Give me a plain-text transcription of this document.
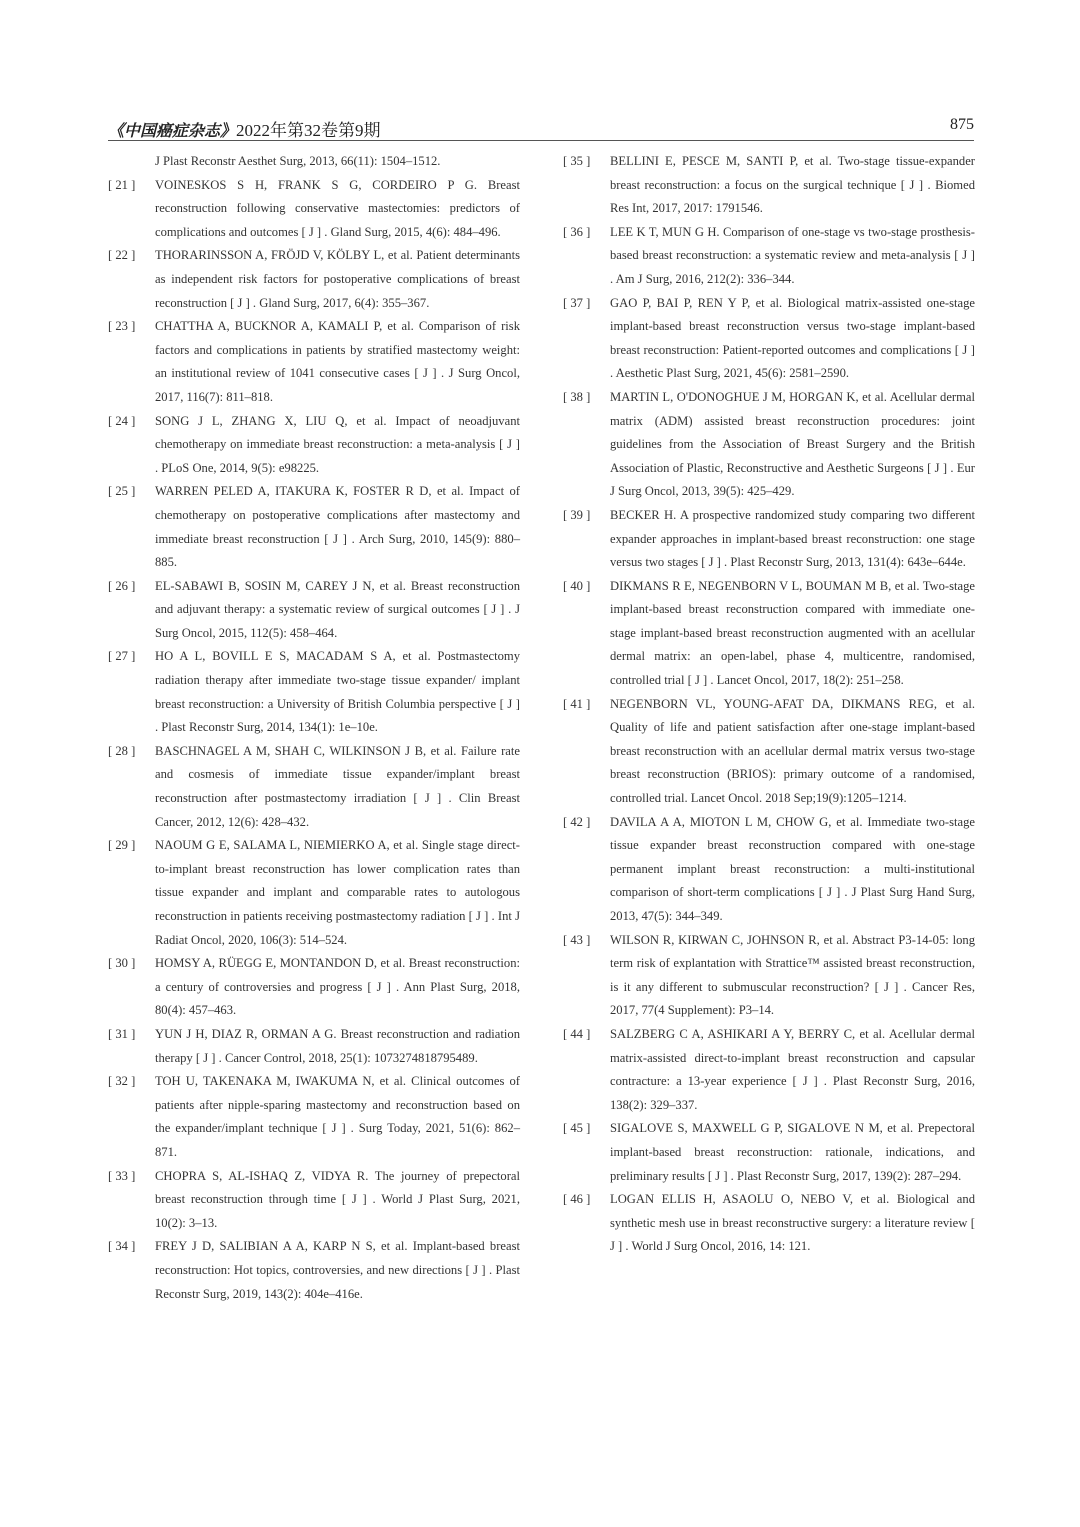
《中国癌症杂志》2022年第32卷第9期	875
J Plast Reconstr Aesthet Surg, 2013, 66(11): 1504–1512.
[ 21 ]	VOINESKOS S H, FRANK S G, CORDEIRO P G. Breast reconstruction following conservative mastectomies: predictors of complications and outcomes [ J ] . Gland Surg, 2015, 4(6): 484–496.
[ 22 ]	THORARINSSON A, FRÖJD V, KÖLBY L, et al. Patient determinants as independent risk factors for postoperative complications of breast reconstruction [ J ] . Gland Surg, 2017, 6(4): 355–367.
[ 23 ]	CHATTHA A, BUCKNOR A, KAMALI P, et al. Comparison of risk factors and complications in patients by stratified mastectomy weight: an institutional review of 1041 consecutive cases [ J ] . J Surg Oncol, 2017, 116(7): 811–818.
[ 24 ]	SONG J L, ZHANG X, LIU Q, et al. Impact of neoadjuvant chemotherapy on immediate breast reconstruction: a meta-analysis [ J ] . PLoS One, 2014, 9(5): e98225.
[ 25 ]	WARREN PELED A, ITAKURA K, FOSTER R D, et al. Impact of chemotherapy on postoperative complications after mastectomy and immediate breast reconstruction [ J ] . Arch Surg, 2010, 145(9): 880–885.
[ 26 ]	EL-SABAWI B, SOSIN M, CAREY J N, et al. Breast reconstruction and adjuvant therapy: a systematic review of surgical outcomes [ J ] . J Surg Oncol, 2015, 112(5): 458–464.
[ 27 ]	HO A L, BOVILL E S, MACADAM S A, et al. Postmastectomy radiation therapy after immediate two-stage tissue expander/ implant breast reconstruction: a University of British Columbia perspective [ J ] . Plast Reconstr Surg, 2014, 134(1): 1e–10e.
[ 28 ]	BASCHNAGEL A M, SHAH C, WILKINSON J B, et al. Failure rate and cosmesis of immediate tissue expander/implant breast reconstruction after postmastectomy irradiation [ J ] . Clin Breast Cancer, 2012, 12(6): 428–432.
[ 29 ]	NAOUM G E, SALAMA L, NIEMIERKO A, et al. Single stage direct-to-implant breast reconstruction has lower complication rates than tissue expander and implant and comparable rates to autologous reconstruction in patients receiving postmastectomy radiation [ J ] . Int J Radiat Oncol, 2020, 106(3): 514–524.
[ 30 ]	HOMSY A, RÜEGG E, MONTANDON D, et al. Breast reconstruction: a century of controversies and progress [ J ] . Ann Plast Surg, 2018, 80(4): 457–463.
[ 31 ]	YUN J H, DIAZ R, ORMAN A G. Breast reconstruction and radiation therapy [ J ] . Cancer Control, 2018, 25(1): 1073274818795489.
[ 32 ]	TOH U, TAKENAKA M, IWAKUMA N, et al. Clinical outcomes of patients after nipple-sparing mastectomy and reconstruction based on the expander/implant technique [ J ] . Surg Today, 2021, 51(6): 862–871.
[ 33 ]	CHOPRA S, AL-ISHAQ Z, VIDYA R. The journey of prepectoral breast reconstruction through time [ J ] . World J Plast Surg, 2021, 10(2): 3–13.
[ 34 ]	FREY J D, SALIBIAN A A, KARP N S, et al. Implant-based breast reconstruction: Hot topics, controversies, and new directions [ J ] . Plast Reconstr Surg, 2019, 143(2): 404e–416e.
[ 35 ]	BELLINI E, PESCE M, SANTI P, et al. Two-stage tissue-expander breast reconstruction: a focus on the surgical technique [ J ] . Biomed Res Int, 2017, 2017: 1791546.
[ 36 ]	LEE K T, MUN G H. Comparison of one-stage vs two-stage prosthesis-based breast reconstruction: a systematic review and meta-analysis [ J ] . Am J Surg, 2016, 212(2): 336–344.
[ 37 ]	GAO P, BAI P, REN Y P, et al. Biological matrix-assisted one-stage implant-based breast reconstruction versus two-stage implant-based breast reconstruction: Patient-reported outcomes and complications [ J ] . Aesthetic Plast Surg, 2021, 45(6): 2581–2590.
[ 38 ]	MARTIN L, O'DONOGHUE J M, HORGAN K, et al. Acellular dermal matrix (ADM) assisted breast reconstruction procedures: joint guidelines from the Association of Breast Surgery and the British Association of Plastic, Reconstructive and Aesthetic Surgeons [ J ] . Eur J Surg Oncol, 2013, 39(5): 425–429.
[ 39 ]	BECKER H. A prospective randomized study comparing two different expander approaches in implant-based breast reconstruction: one stage versus two stages [ J ] . Plast Reconstr Surg, 2013, 131(4): 643e–644e.
[ 40 ]	DIKMANS R E, NEGENBORN V L, BOUMAN M B, et al. Two-stage implant-based breast reconstruction compared with immediate one-stage implant-based breast reconstruction augmented with an acellular dermal matrix: an open-label, phase 4, multicentre, randomised, controlled trial [ J ] . Lancet Oncol, 2017, 18(2): 251–258.
[ 41 ]	NEGENBORN VL, YOUNG-AFAT DA, DIKMANS REG, et al. Quality of life and patient satisfaction after one-stage implant-based breast reconstruction with an acellular dermal matrix versus two-stage breast reconstruction (BRIOS): primary outcome of a randomised, controlled trial. Lancet Oncol. 2018 Sep;19(9):1205–1214.
[ 42 ]	DAVILA A A, MIOTON L M, CHOW G, et al. Immediate two-stage tissue expander breast reconstruction compared with one-stage permanent implant breast reconstruction: a multi-institutional comparison of short-term complications [ J ] . J Plast Surg Hand Surg, 2013, 47(5): 344–349.
[ 43 ]	WILSON R, KIRWAN C, JOHNSON R, et al. Abstract P3-14-05: long term risk of explantation with Strattice™ assisted breast reconstruction, is it any different to submuscular reconstruction? [ J ] . Cancer Res, 2017, 77(4 Supplement): P3–14.
[ 44 ]	SALZBERG C A, ASHIKARI A Y, BERRY C, et al. Acellular dermal matrix-assisted direct-to-implant breast reconstruction and capsular contracture: a 13-year experience [ J ] . Plast Reconstr Surg, 2016, 138(2): 329–337.
[ 45 ]	SIGALOVE S, MAXWELL G P, SIGALOVE N M, et al. Prepectoral implant-based breast reconstruction: rationale, indications, and preliminary results [ J ] . Plast Reconstr Surg, 2017, 139(2): 287–294.
[ 46 ]	LOGAN ELLIS H, ASAOLU O, NEBO V, et al. Biological and synthetic mesh use in breast reconstructive surgery: a literature review [ J ] . World J Surg Oncol, 2016, 14: 121.
